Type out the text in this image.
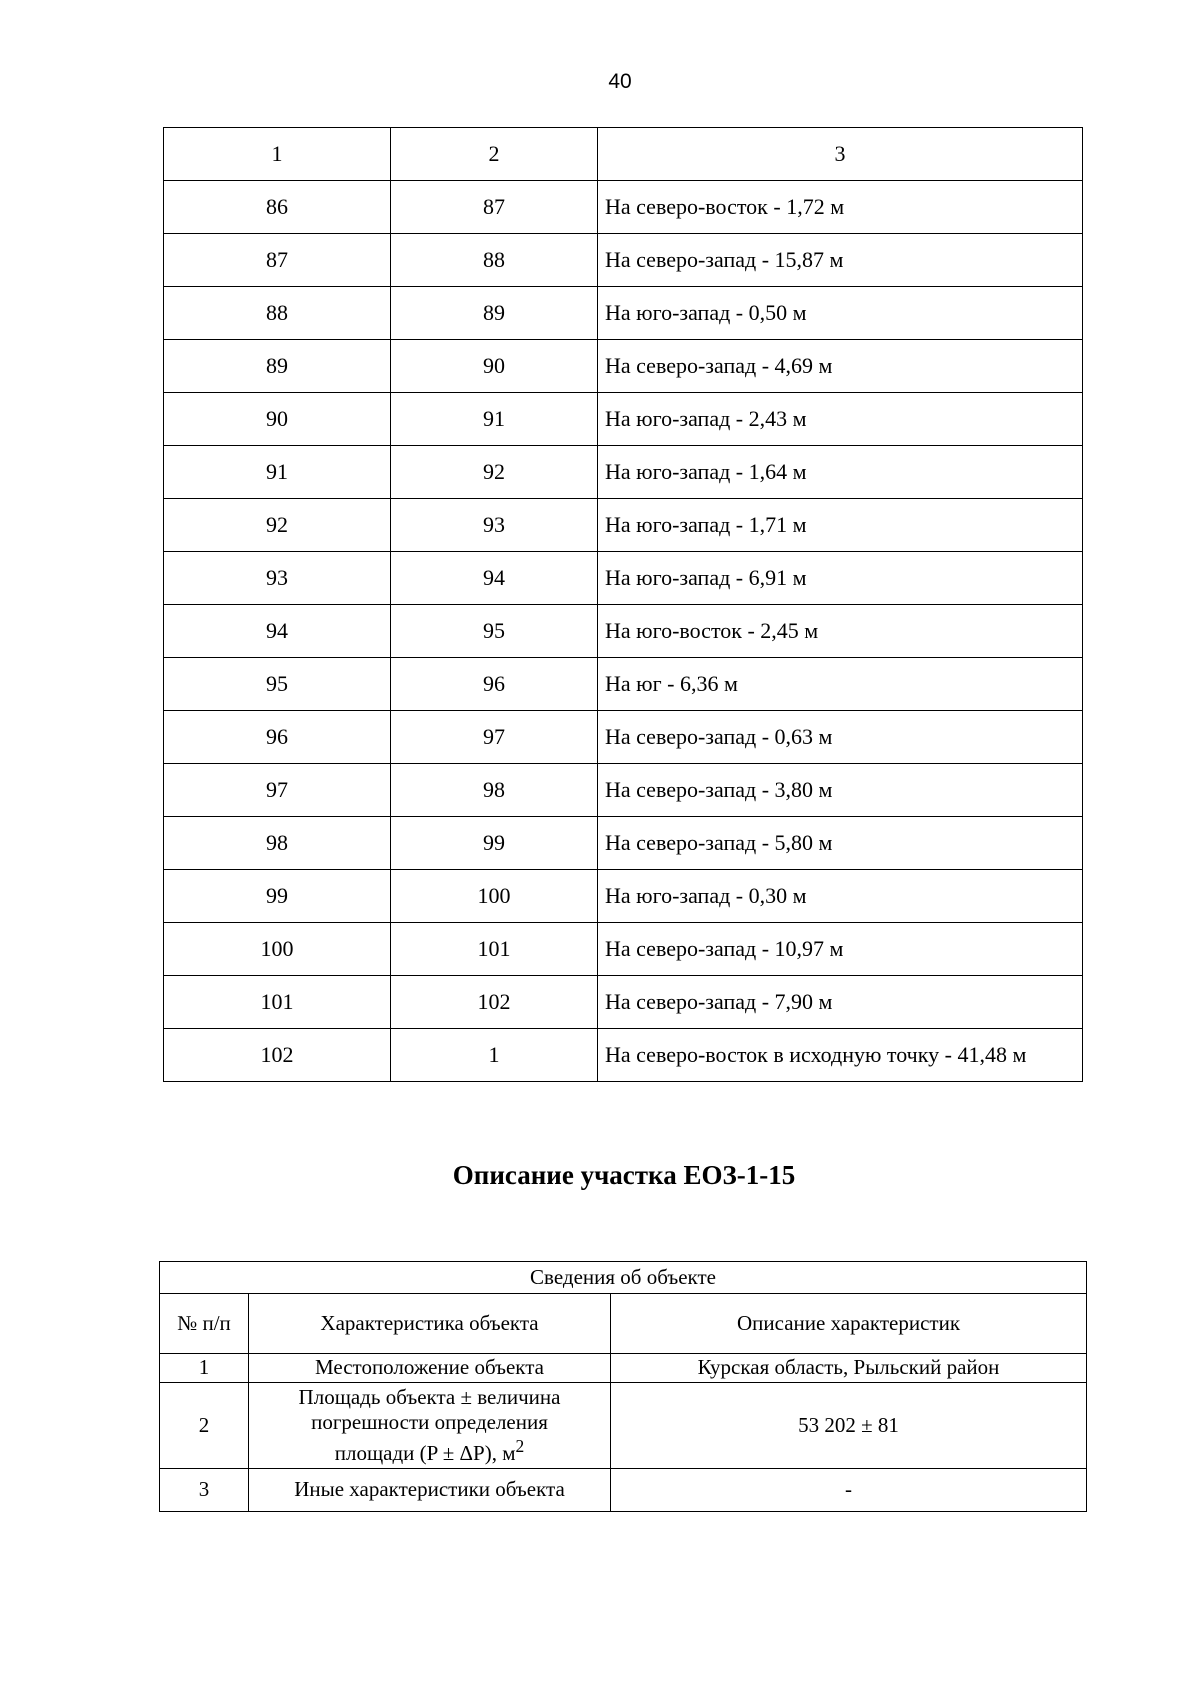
40
1	2	3
86	87	На северо-восток - 1,72 м
87	88	На северо-запад - 15,87 м
88	89	На юго-запад - 0,50 м
89	90	На северо-запад - 4,69 м
90	91	На юго-запад - 2,43 м
91	92	На юго-запад - 1,64 м
92	93	На юго-запад - 1,71 м
93	94	На юго-запад - 6,91 м
94	95	На юго-восток - 2,45 м
95	96	На юг - 6,36 м
96	97	На северо-запад - 0,63 м
97	98	На северо-запад - 3,80 м
98	99	На северо-запад - 5,80 м
99	100	На юго-запад - 0,30 м
100	101	На северо-запад - 10,97 м
101	102	На северо-запад - 7,90 м
102	1	На северо-восток в исходную точку - 41,48 м
Описание участка ЕОЗ-1-15
Сведения об объекте		
№ п/п	Характеристика объекта	Описание характеристик
1	Местоположение объекта	Курская область, Рыльский район
2	Площадь объекта ± величина погрешности определения площади (P ± ΔP), $м^2$	53 202 ± 81
3	Иные характеристики объекта	-
